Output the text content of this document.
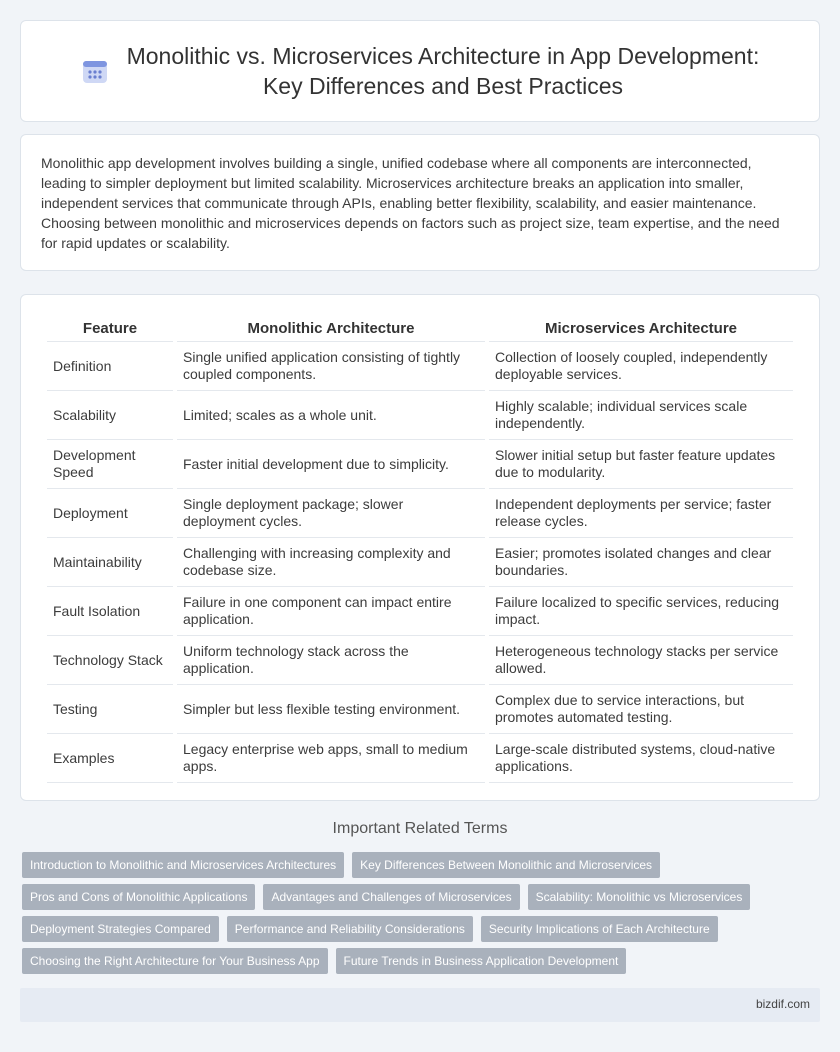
Monolithic vs. Microservices Architecture in App Development:
Key Differences and Best Practices

Monolithic app development involves building a single, unified codebase where all components are interconnected, leading to simpler deployment but limited scalability. Microservices architecture breaks an application into smaller, independent services that communicate through APIs, enabling better flexibility, scalability, and easier maintenance. Choosing between monolithic and microservices depends on factors such as project size, team expertise, and the need for rapid updates or scalability.

Feature	Monolithic Architecture	Microservices Architecture
Definition	Single unified application consisting of tightly coupled components.	Collection of loosely coupled, independently deployable services.
Scalability	Limited; scales as a whole unit.	Highly scalable; individual services scale independently.
Development Speed	Faster initial development due to simplicity.	Slower initial setup but faster feature updates due to modularity.
Deployment	Single deployment package; slower deployment cycles.	Independent deployments per service; faster release cycles.
Maintainability	Challenging with increasing complexity and codebase size.	Easier; promotes isolated changes and clear boundaries.
Fault Isolation	Failure in one component can impact entire application.	Failure localized to specific services, reducing impact.
Technology Stack	Uniform technology stack across the application.	Heterogeneous technology stacks per service allowed.
Testing	Simpler but less flexible testing environment.	Complex due to service interactions, but promotes automated testing.
Examples	Legacy enterprise web apps, small to medium apps.	Large-scale distributed systems, cloud-native applications.
Important Related Terms
Introduction to Monolithic and Microservices Architectures	Key Differences Between Monolithic and Microservices
Pros and Cons of Monolithic Applications	Advantages and Challenges of Microservices	Scalability: Monolithic vs Microservices
Deployment Strategies Compared	Performance and Reliability Considerations	Security Implications of Each Architecture
Choosing the Right Architecture for Your Business App	Future Trends in Business Application Development
bizdif.com
